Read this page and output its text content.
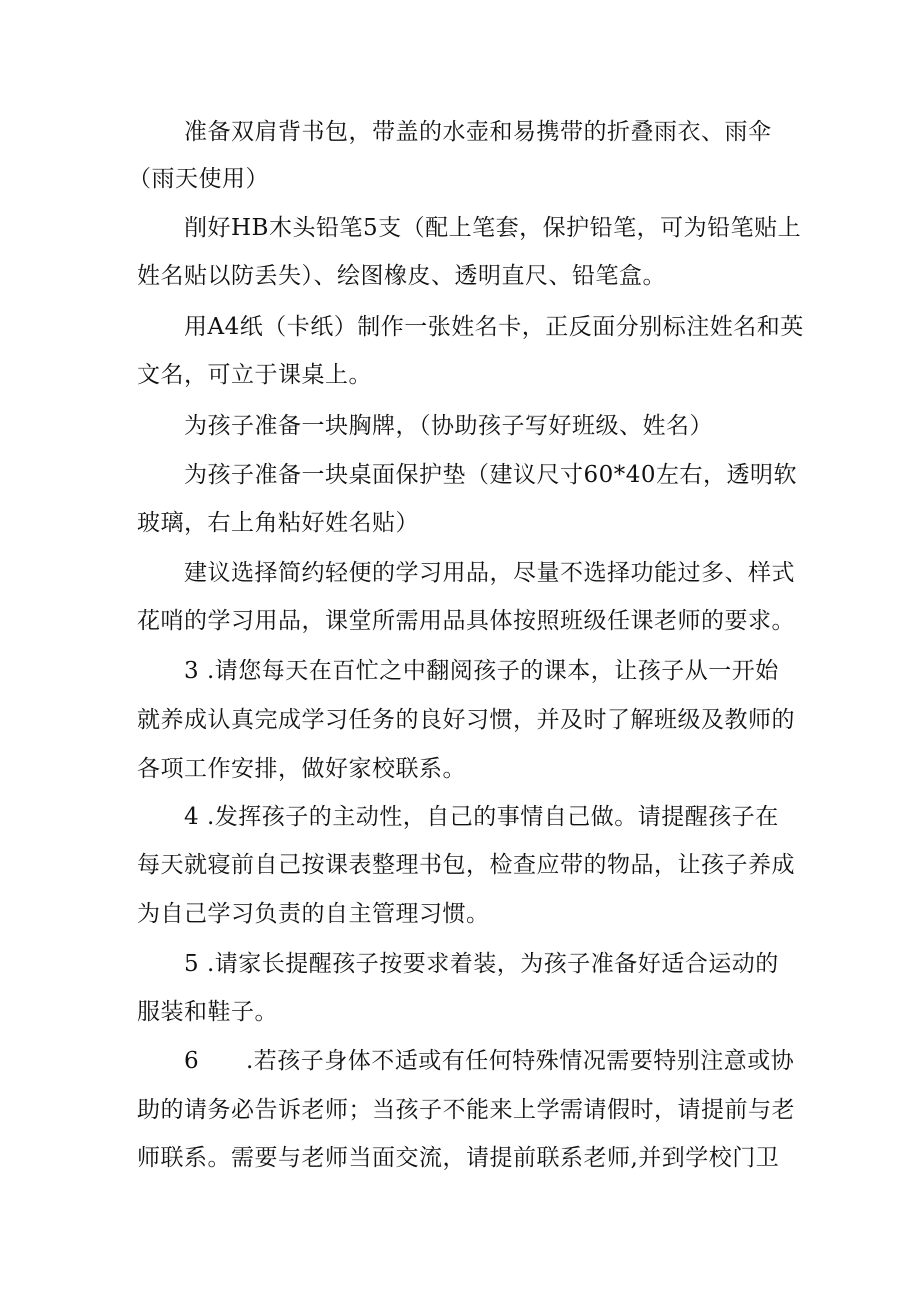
准备双肩背书包，带盖的水壶和易携带的折叠雨衣、雨伞
（雨天使用）
削好HB木头铅笔5支（配上笔套，保护铅笔，可为铅笔贴上
姓名贴以防丢失）、绘图橡皮、透明直尺、铅笔盒。
用A4纸（卡纸）制作一张姓名卡，正反面分别标注姓名和英
文名，可立于课桌上。
为孩子准备一块胸牌，（协助孩子写好班级、姓名）
为孩子准备一块桌面保护垫（建议尺寸60*40左右，透明软
玻璃，右上角粘好姓名贴）
建议选择简约轻便的学习用品，尽量不选择功能过多、样式
花哨的学习用品，课堂所需用品具体按照班级任课老师的要求。
3 .请您每天在百忙之中翻阅孩子的课本，让孩子从一开始
就养成认真完成学习任务的良好习惯，并及时了解班级及教师的
各项工作安排，做好家校联系。
4 .发挥孩子的主动性，自己的事情自己做。请提醒孩子在
每天就寝前自己按课表整理书包，检查应带的物品，让孩子养成
为自己学习负责的自主管理习惯。
5 .请家长提醒孩子按要求着装，为孩子准备好适合运动的
服装和鞋子。
6      .若孩子身体不适或有任何特殊情况需要特别注意或协
助的请务必告诉老师；当孩子不能来上学需请假时，请提前与老
师联系。需要与老师当面交流，请提前联系老师,并到学校门卫
